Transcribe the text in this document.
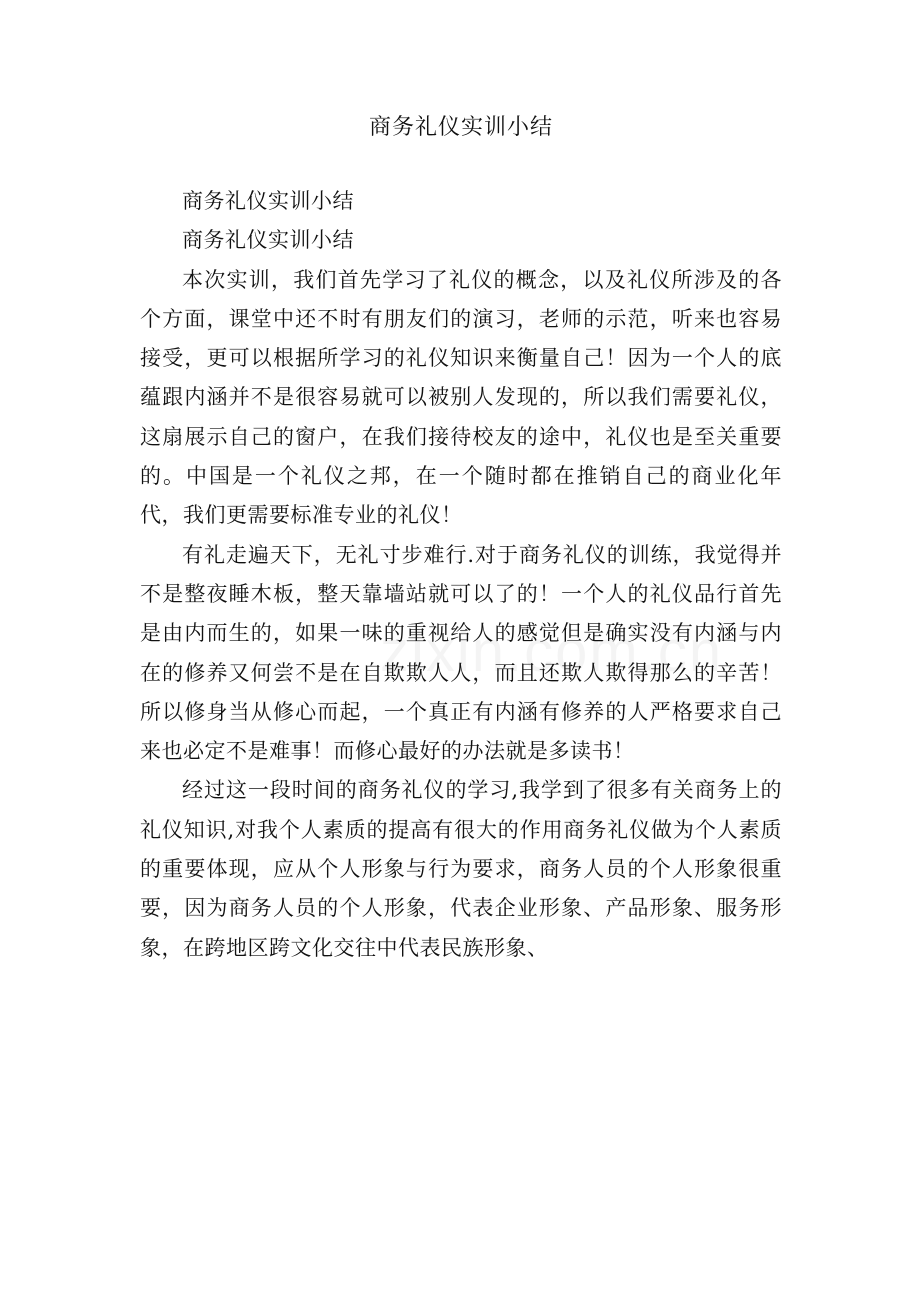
商务礼仪实训小结

商务礼仪实训小结

商务礼仪实训小结

本次实训，我们首先学习了礼仪的概念，以及礼仪所涉及的各个方面，课堂中还不时有朋友们的演习，老师的示范，听来也容易接受，更可以根据所学习的礼仪知识来衡量自己！因为一个人的底蕴跟内涵并不是很容易就可以被别人发现的，所以我们需要礼仪，这扇展示自己的窗户，在我们接待校友的途中，礼仪也是至关重要的。中国是一个礼仪之邦，在一个随时都在推销自己的商业化年代，我们更需要标准专业的礼仪！

有礼走遍天下，无礼寸步难行.对于商务礼仪的训练，我觉得并不是整夜睡木板，整天靠墙站就可以了的！一个人的礼仪品行首先是由内而生的，如果一味的重视给人的感觉但是确实没有内涵与内在的修养又何尝不是在自欺欺人人，而且还欺人欺得那么的辛苦！所以修身当从修心而起，一个真正有内涵有修养的人严格要求自己来也必定不是难事！而修心最好的办法就是多读书！

经过这一段时间的商务礼仪的学习,我学到了很多有关商务上的礼仪知识,对我个人素质的提高有很大的作用商务礼仪做为个人素质的重要体现，应从个人形象与行为要求，商务人员的个人形象很重要，因为商务人员的个人形象，代表企业形象、产品形象、服务形象，在跨地区跨文化交往中代表民族形象、
